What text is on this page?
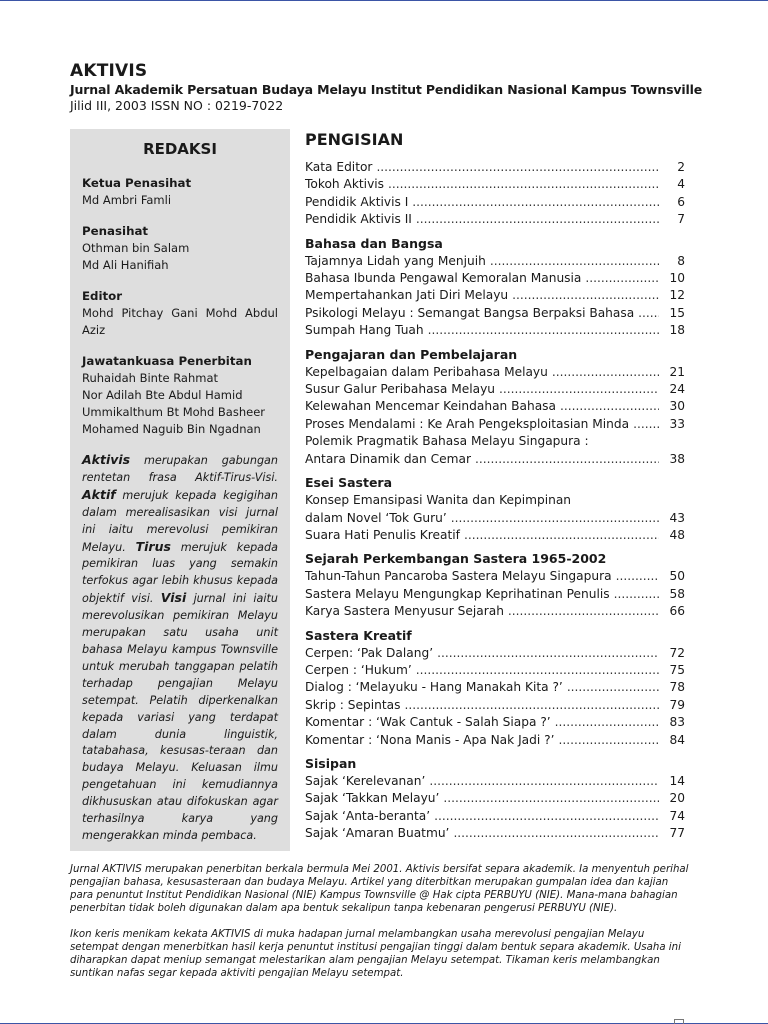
AKTIVIS
Jurnal Akademik Persatuan Budaya Melayu Institut Pendidikan Nasional Kampus Townsville
Jilid III, 2003 ISSN NO : 0219-7022
REDAKSI
Ketua Penasihat
Md Ambri Famli
Penasihat
Othman bin Salam
Md Ali Hanifiah
Editor
Mohd Pitchay Gani Mohd Abdul Aziz
Jawatankuasa Penerbitan
Ruhaidah Binte Rahmat
Nor Adilah Bte Abdul Hamid
Ummikalthum Bt Mohd Basheer
Mohamed Naguib Bin Ngadnan
Aktivis merupakan gabungan rentetan frasa Aktif-Tirus-Visi. Aktif merujuk kepada kegigihan dalam merealisasikan visi jurnal ini iaitu merevolusi pemikiran Melayu. Tirus merujuk kepada pemikiran luas yang semakin terfokus agar lebih khusus kepada objektif visi. Visi jurnal ini iaitu merevolusikan pemikiran Melayu merupakan satu usaha unit bahasa Melayu kampus Townsville untuk merubah tanggapan pelatih terhadap pengajian Melayu setempat. Pelatih diperkenalkan kepada variasi yang terdapat dalam dunia linguistik, tatabahasa, kesusas-teraan dan budaya Melayu. Keluasan ilmu pengetahuan ini kemudiannya dikhususkan atau difokuskan agar terhasilnya karya yang mengerakkan minda pembaca.
PENGISIAN
Kata Editor .....	2
Tokoh Aktivis .....	4
Pendidik Aktivis I .....	6
Pendidik Aktivis II .....	7
Bahasa dan Bangsa
Tajamnya Lidah yang Menjuih .....	8
Bahasa Ibunda Pengawal Kemoralan Manusia .....	10
Mempertahankan Jati Diri Melayu .....	12
Psikologi Melayu : Semangat Bangsa Berpaksi Bahasa .....	15
Sumpah Hang Tuah .....	18
Pengajaran dan Pembelajaran
Kepelbagaian dalam Peribahasa Melayu .....	21
Susur Galur Peribahasa Melayu .....	24
Kelewahan Mencemar Keindahan Bahasa .....	30
Proses Mendalami : Ke Arah Pengeksploitasian Minda .....	33
Polemik Pragmatik Bahasa Melayu Singapura :
Antara Dinamik dan Cemar .....	38
Esei Sastera
Konsep Emansipasi Wanita dan Kepimpinan
dalam Novel ‘Tok Guru’ .....	43
Suara Hati Penulis Kreatif .....	48
Sejarah Perkembangan Sastera 1965-2002
Tahun-Tahun Pancaroba Sastera Melayu Singapura .....	50
Sastera Melayu Mengungkap Keprihatinan Penulis .....	58
Karya Sastera Menyusur Sejarah .....	66
Sastera Kreatif
Cerpen: ‘Pak Dalang’ .....	72
Cerpen : ‘Hukum’ .....	75
Dialog : ‘Melayuku - Hang Manakah Kita ?’ .....	78
Skrip : Sepintas .....	79
Komentar : ‘Wak Cantuk - Salah Siapa ?’ .....	83
Komentar : ‘Nona Manis - Apa Nak Jadi ?’ .....	84
Sisipan
Sajak ‘Kerelevanan’ .....	14
Sajak ‘Takkan Melayu’ .....	20
Sajak ‘Anta-beranta’ .....	74
Sajak ‘Amaran Buatmu’ .....	77

Jurnal AKTIVIS merupakan penerbitan berkala bermula Mei 2001. Aktivis bersifat separa akademik. Ia menyentuh perihal pengajian bahasa, kesusasteraan dan budaya Melayu. Artikel yang diterbitkan merupakan gumpalan idea dan kajian para penuntut Institut Pendidikan Nasional (NIE) Kampus Townsville @ Hak cipta PERBUYU (NIE). Mana-mana bahagian penerbitan tidak boleh digunakan dalam apa bentuk sekalipun tanpa kebenaran pengerusi PERBUYU (NIE).

Ikon keris menikam kekata AKTIVIS di muka hadapan jurnal melambangkan usaha merevolusi pengajian Melayu setempat dengan menerbitkan hasil kerja penuntut institusi pengajian tinggi dalam bentuk separa akademik. Usaha ini diharapkan dapat meniup semangat melestarikan alam pengajian Melayu setempat. Tikaman keris melambangkan suntikan nafas segar kepada aktiviti pengajian Melayu setempat.
